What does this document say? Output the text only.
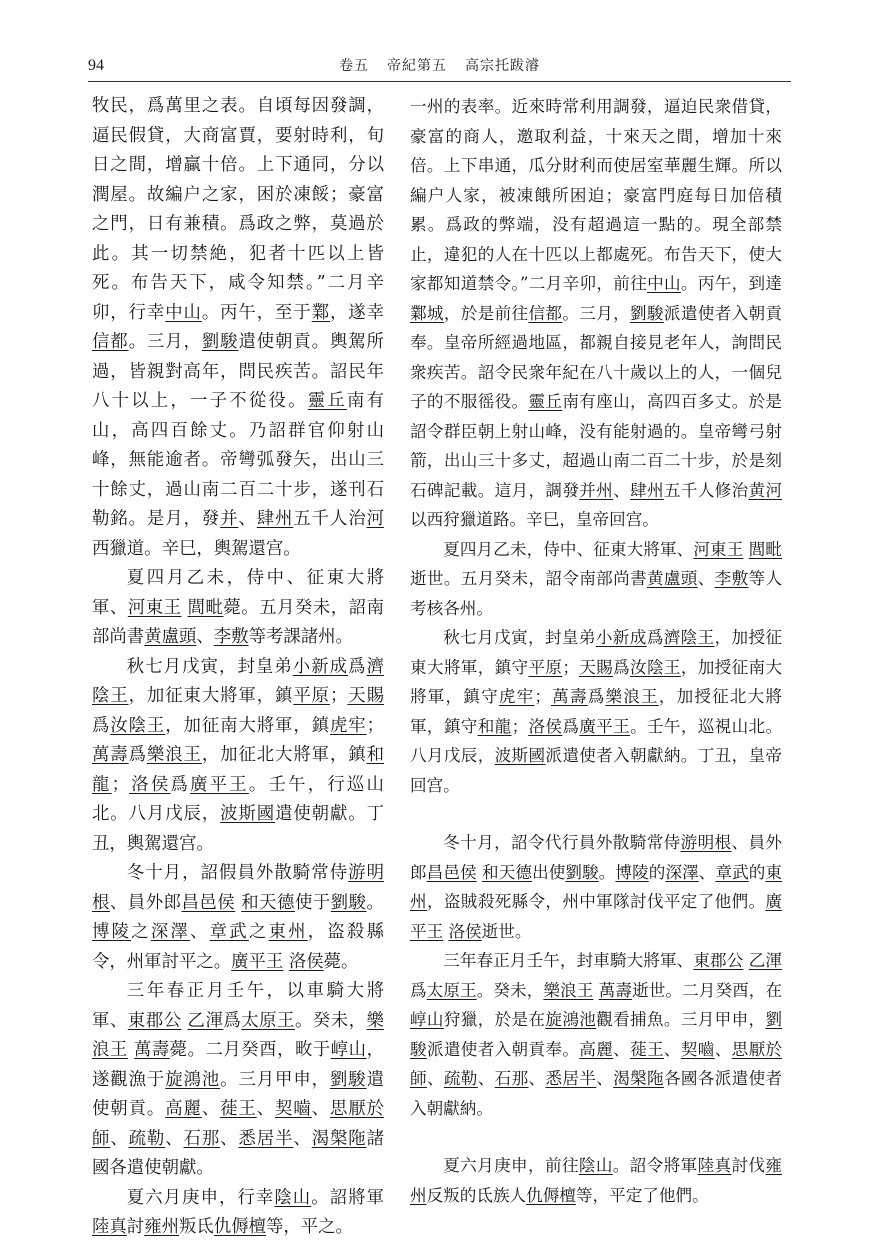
94	卷五 帝紀第五 高宗托跋濬

牧民，爲萬里之表。自頃每因發調，逼民假貸，大商富賈，要射時利，旬日之間，增贏十倍。上下通同，分以潤屋。故編户之家，困於凍餒；豪富之門，日有兼積。爲政之弊，莫過於此。其一切禁絶，犯者十匹以上皆死。布告天下，咸令知禁。”二月辛卯，行幸中山。丙午，至于鄴，遂幸信都。三月，劉駿遣使朝貢。輿駕所過，皆親對高年，問民疾苦。詔民年八十以上，一子不從役。靈丘南有山，高四百餘丈。乃詔群官仰射山峰，無能逾者。帝彎弧發矢，出山三十餘丈，過山南二百二十步，遂刊石勒銘。是月，發并、肆州五千人治河西獵道。辛巳，輿駕還宫。

夏四月乙未，侍中、征東大將軍、河東王 閭毗薨。五月癸未，詔南部尚書黄盧頭、李敷等考課諸州。

秋七月戊寅，封皇弟小新成爲濟陰王，加征東大將軍，鎮平原；天賜爲汝陰王，加征南大將軍，鎮虎牢；萬壽爲樂浪王，加征北大將軍，鎮和龍；洛侯爲廣平王。壬午，行巡山北。八月戊辰，波斯國遣使朝獻。丁丑，輿駕還宫。

冬十月，詔假員外散騎常侍游明根、員外郎昌邑侯 和天德使于劉駿。博陵之深澤、章武之東州，盗殺縣令，州軍討平之。廣平王 洛侯薨。

三年春正月壬午，以車騎大將軍、東郡公 乙渾爲太原王。癸未，樂浪王 萬壽薨。二月癸酉，畋于崞山，遂觀漁于旋鴻池。三月甲申，劉駿遣使朝貢。高麗、蓰王、契嚙、思厭於師、疏勒、石那、悉居半、渴槃陁諸國各遣使朝獻。

夏六月庚申，行幸陰山。詔將軍陸真討雍州叛氐仇傉檀等，平之。

一州的表率。近來時常利用調發，逼迫民衆借貸，豪富的商人，邀取利益，十來天之間，增加十來倍。上下串通，瓜分財利而使居室華麗生輝。所以編户人家，被凍餓所困迫；豪富門庭每日加倍積累。爲政的弊端，没有超過這一點的。現全部禁止，違犯的人在十匹以上都處死。布告天下，使大家都知道禁令。”二月辛卯，前往中山。丙午，到達鄴城，於是前往信都。三月，劉駿派遣使者入朝貢奉。皇帝所經過地區，都親自接見老年人，詢問民衆疾苦。詔令民衆年紀在八十歲以上的人，一個兒子的不服徭役。靈丘南有座山，高四百多丈。於是詔令群臣朝上射山峰，没有能射過的。皇帝彎弓射箭，出山三十多丈，超過山南二百二十步，於是刻石碑記載。這月，調發并州、肆州五千人修治黄河以西狩獵道路。辛巳，皇帝回宫。

夏四月乙未，侍中、征東大將軍、河東王 閭毗逝世。五月癸未，詔令南部尚書黄盧頭、李敷等人考核各州。

秋七月戊寅，封皇弟小新成爲濟陰王，加授征東大將軍，鎮守平原；天賜爲汝陰王，加授征南大將軍，鎮守虎牢；萬壽爲樂浪王，加授征北大將軍，鎮守和龍；洛侯爲廣平王。壬午，巡視山北。八月戊辰，波斯國派遣使者入朝獻納。丁丑，皇帝回宫。

冬十月，詔令代行員外散騎常侍游明根、員外郎昌邑侯 和天德出使劉駿。博陵的深澤、章武的東州，盗賊殺死縣令，州中軍隊討伐平定了他們。廣平王 洛侯逝世。

三年春正月壬午，封車騎大將軍、東郡公 乙渾爲太原王。癸未，樂浪王 萬壽逝世。二月癸酉，在崞山狩獵，於是在旋鴻池觀看捕魚。三月甲申，劉駿派遣使者入朝貢奉。高麗、蓰王、契嚙、思厭於師、疏勒、石那、悉居半、渴槃陁各國各派遣使者入朝獻納。

夏六月庚申，前往陰山。詔令將軍陸真討伐雍州反叛的氐族人仇傉檀等，平定了他們。
